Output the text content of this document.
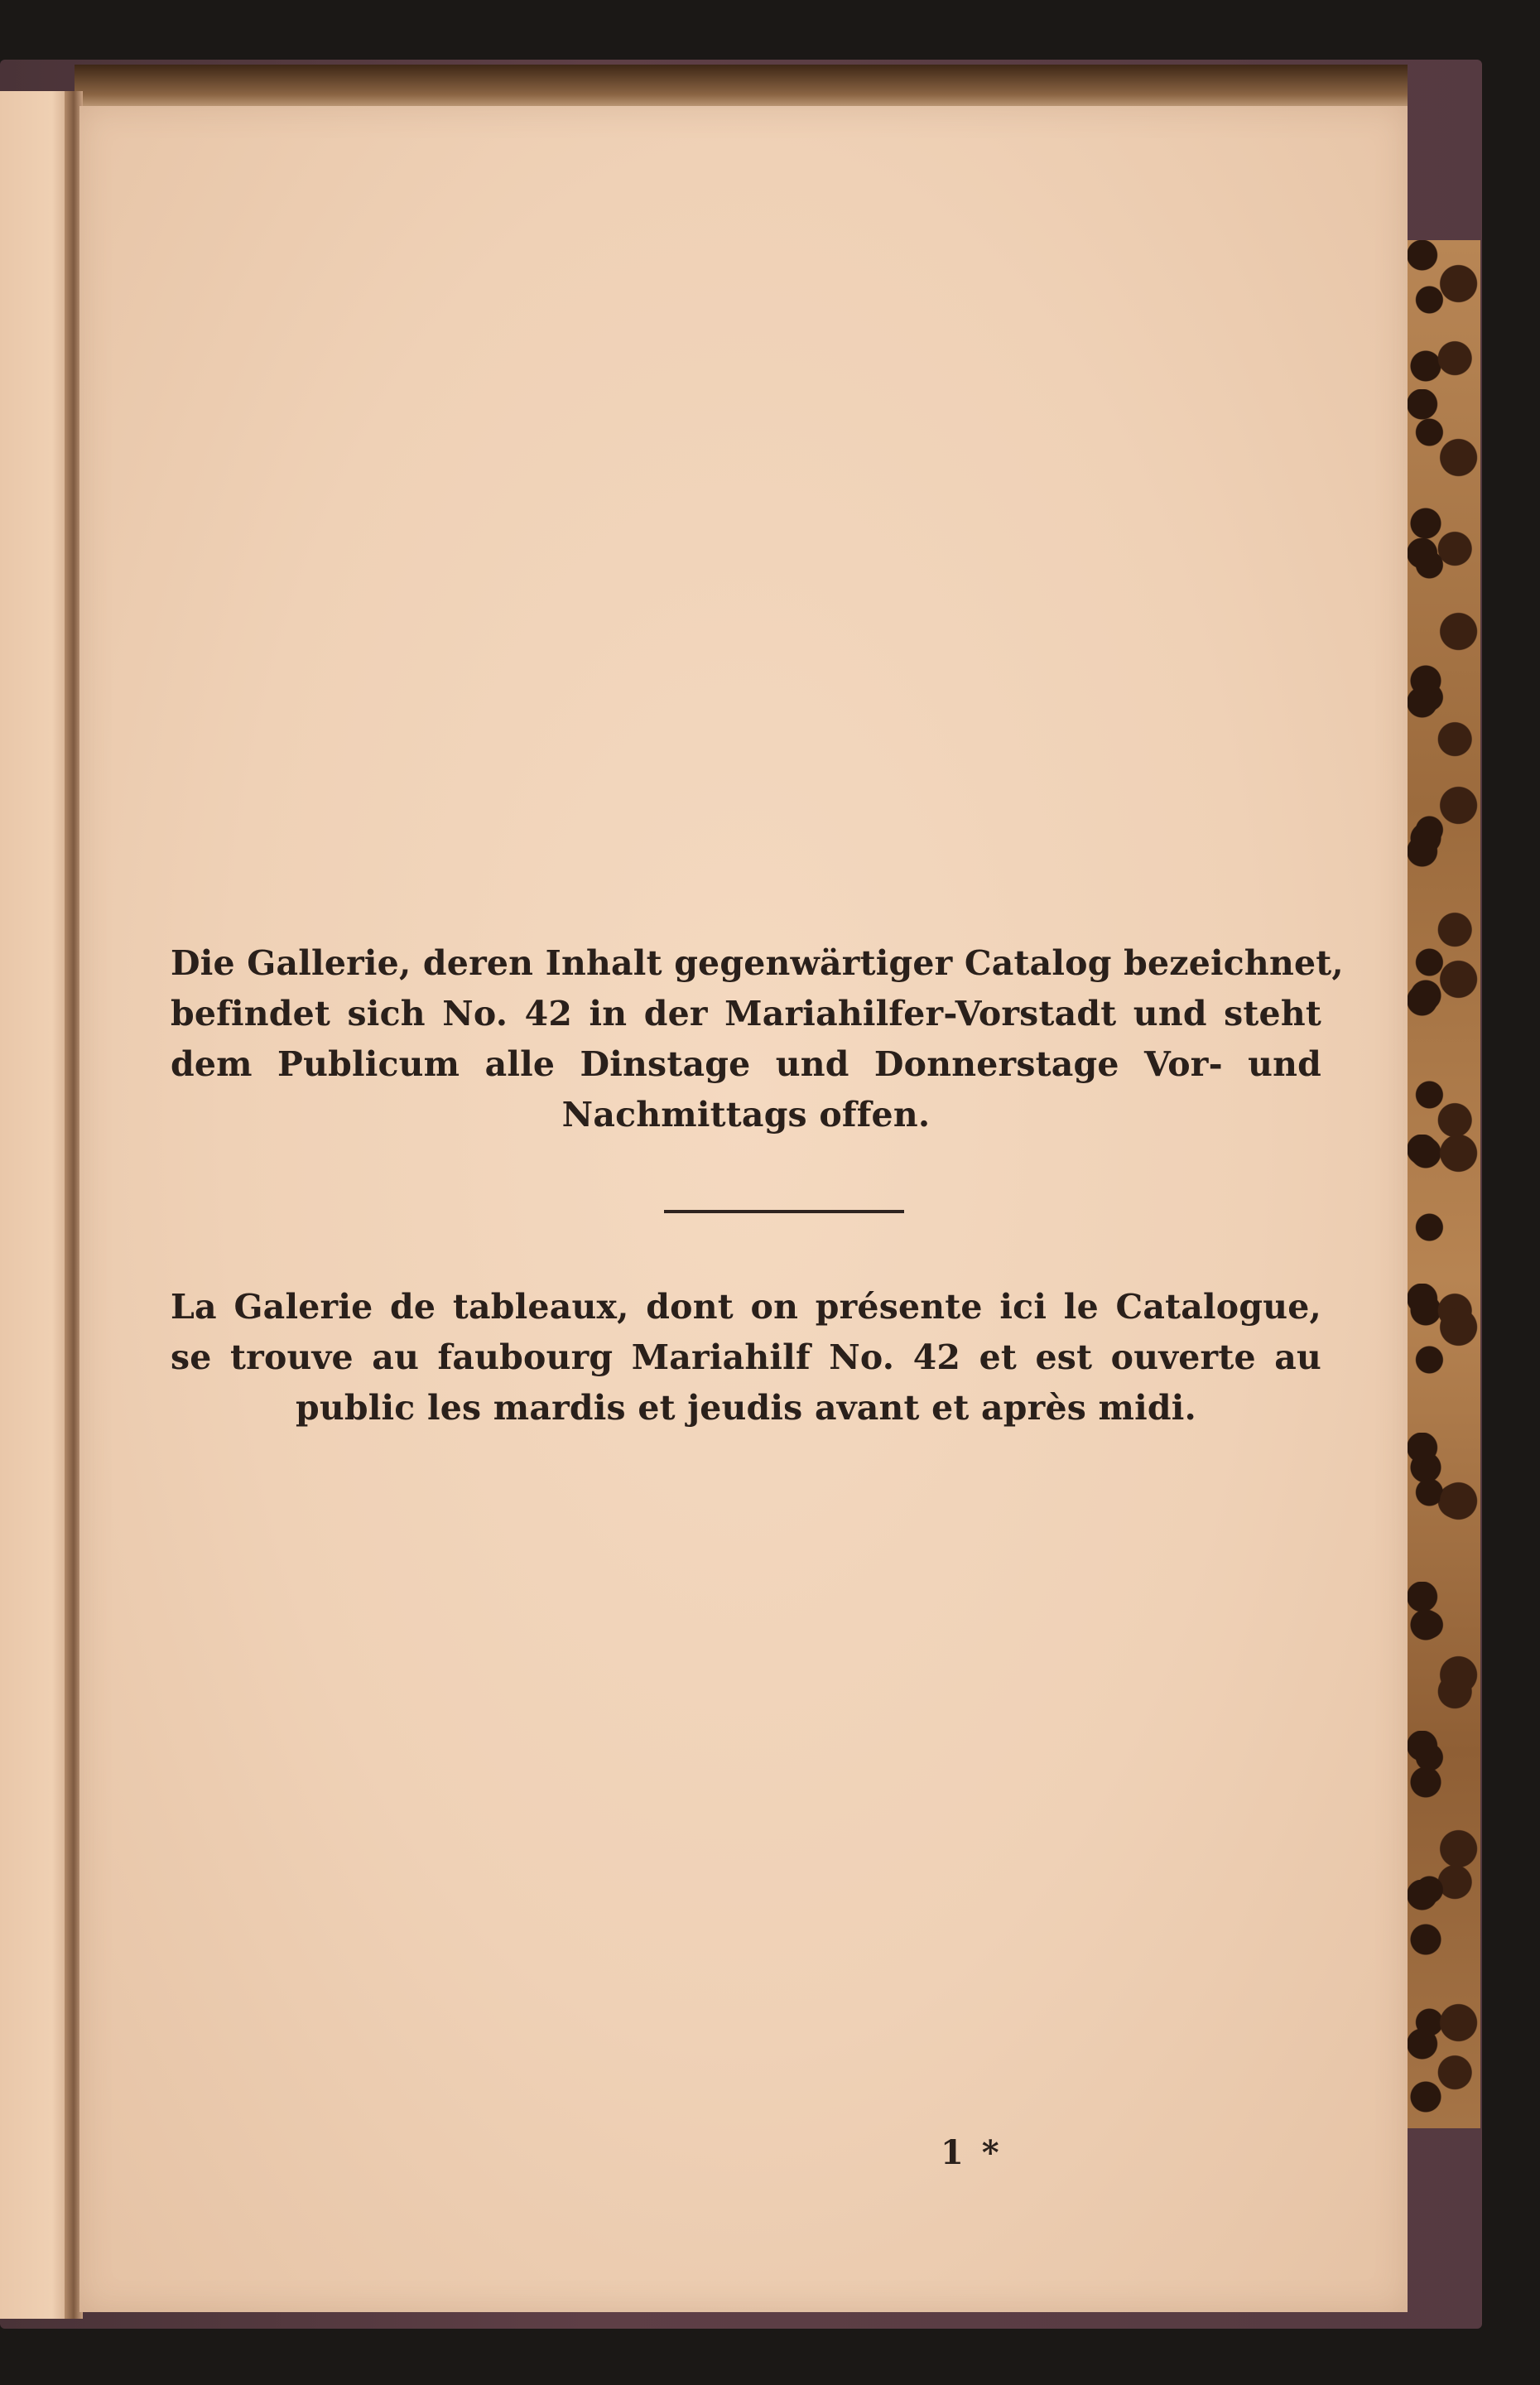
Die Gallerie, deren Inhalt gegenwärtiger Catalog bezeichnet,
befindet sich No. 42 in der Mariahilfer-Vorstadt und steht
dem Publicum alle Dinstage und Donnerstage Vor- und
Nachmittags offen.

La Galerie de tableaux, dont on présente ici le Catalogue,
se trouve au faubourg Mariahilf No. 42 et est ouverte au
public les mardis et jeudis avant et après midi.

1 *
